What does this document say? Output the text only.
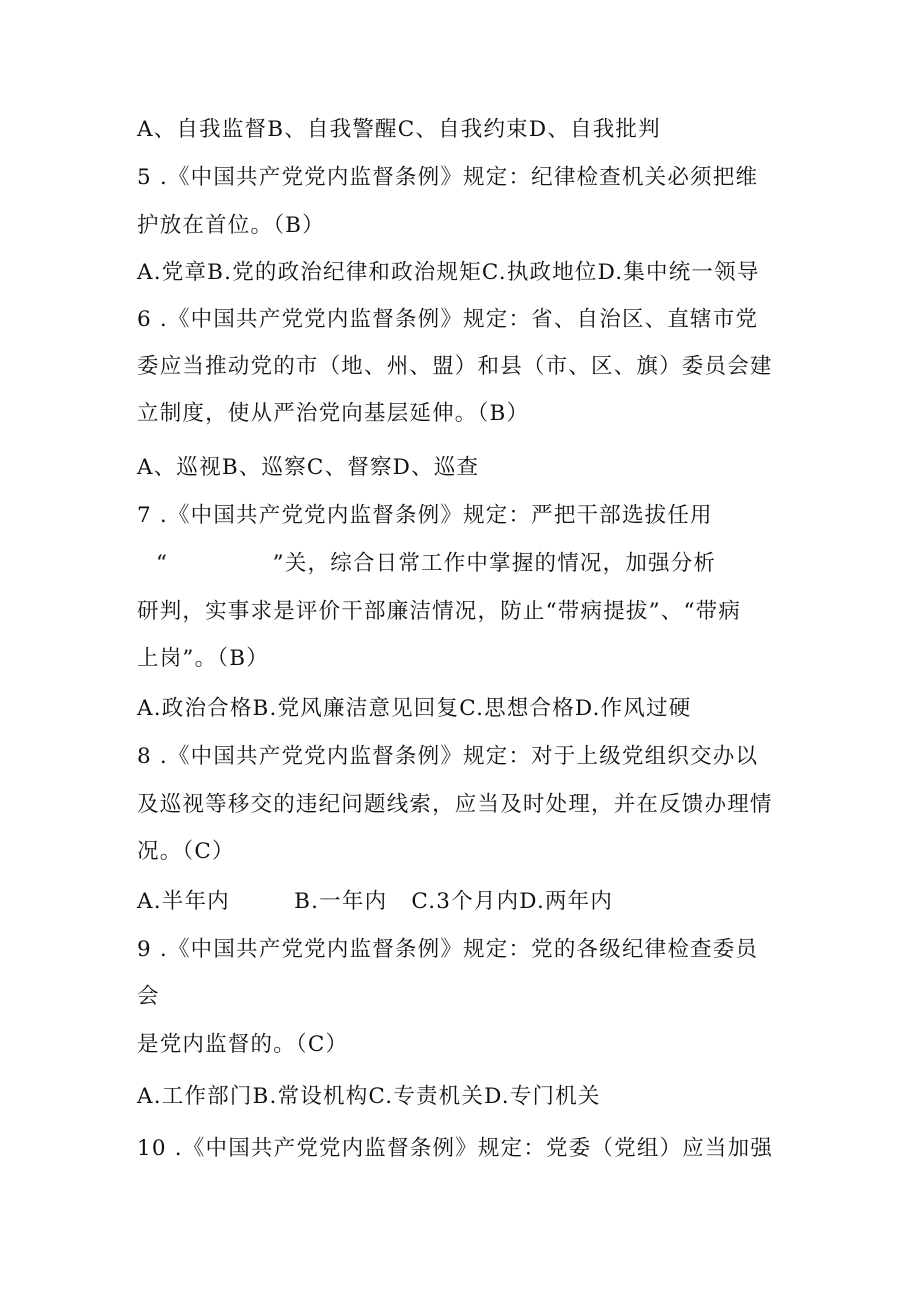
A、自我监督B、自我警醒C、自我约束D、自我批判
5 .《中国共产党党内监督条例》规定：纪律检查机关必须把维
护放在首位。（B）
A.党章B.党的政治纪律和政治规矩C.执政地位D.集中统一领导
6 .《中国共产党党内监督条例》规定：省、自治区、直辖市党
委应当推动党的市（地、州、盟）和县（市、区、旗）委员会建
立制度，使从严治党向基层延伸。（B）
A、巡视B、巡察C、督察D、巡查
7 .《中国共产党党内监督条例》规定：严把干部选拔任用
“             ”关，综合日常工作中掌握的情况，加强分析
研判，实事求是评价干部廉洁情况，防止“带病提拔”、“带病
上岗”。（B）
A.政治合格B.党风廉洁意见回复C.思想合格D.作风过硬
8 .《中国共产党党内监督条例》规定：对于上级党组织交办以
及巡视等移交的违纪问题线索，应当及时处理，并在反馈办理情
况。（C）
A.半年内        B.一年内   C.3个月内D.两年内
9 .《中国共产党党内监督条例》规定：党的各级纪律检查委员
会
是党内监督的。（C）
A.工作部门B.常设机构C.专责机关D.专门机关
10 .《中国共产党党内监督条例》规定：党委（党组）应当加强
